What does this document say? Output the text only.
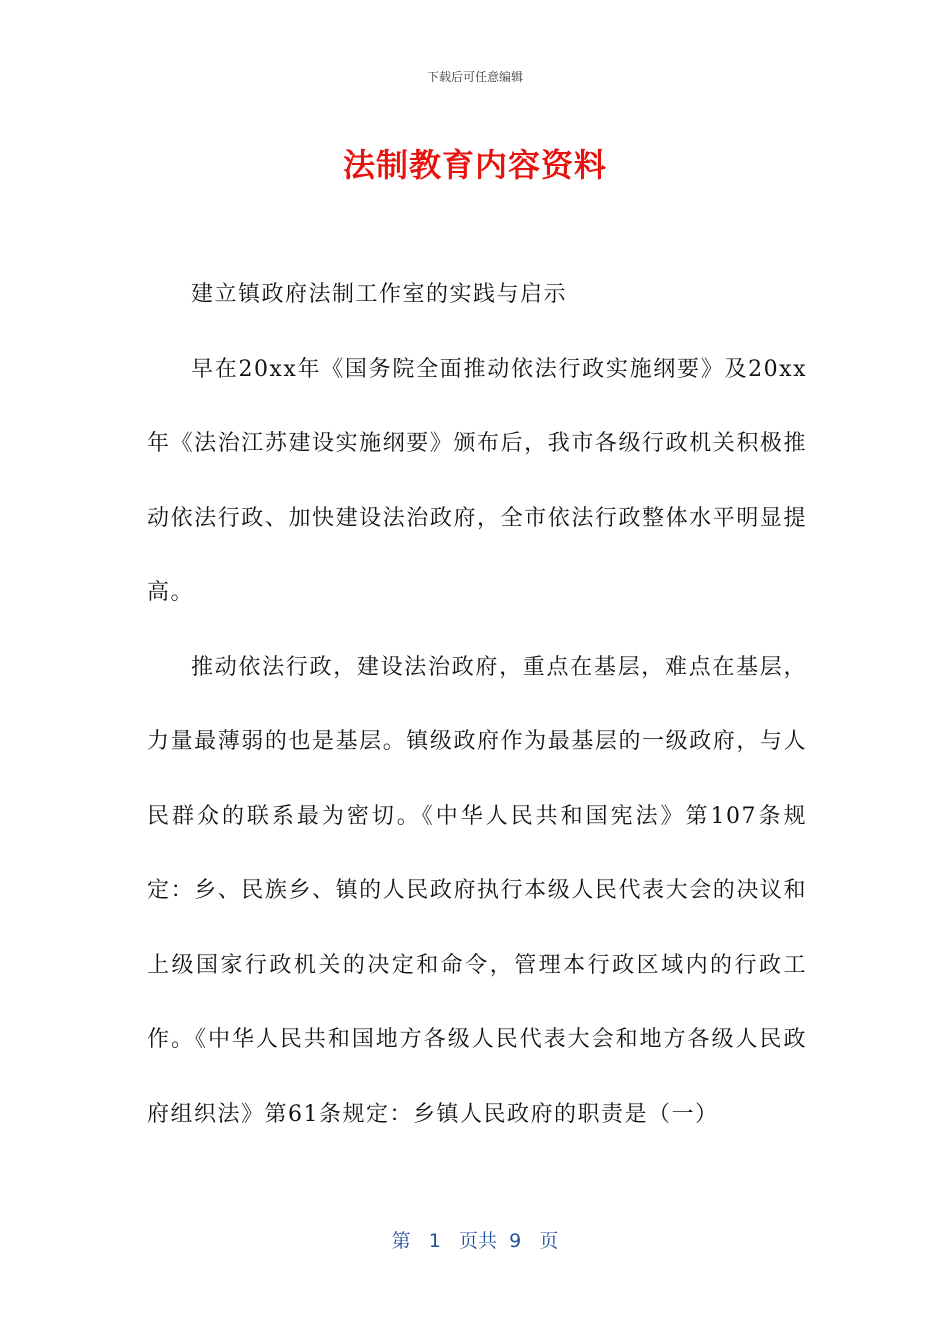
下载后可任意编辑
法制教育内容资料

建立镇政府法制工作室的实践与启示

早在20xx年《国务院全面推动依法行政实施纲要》及20xx年《法治江苏建设实施纲要》颁布后，我市各级行政机关积极推动依法行政、加快建设法治政府，全市依法行政整体水平明显提高。

推动依法行政，建设法治政府，重点在基层，难点在基层，力量最薄弱的也是基层。镇级政府作为最基层的一级政府，与人民群众的联系最为密切。《中华人民共和国宪法》第107条规定：乡、民族乡、镇的人民政府执行本级人民代表大会的决议和上级国家行政机关的决定和命令，管理本行政区域内的行政工作。《中华人民共和国地方各级人民代表大会和地方各级人民政府组织法》第61条规定：乡镇人民政府的职责是（一）

第 1 页共 9 页
